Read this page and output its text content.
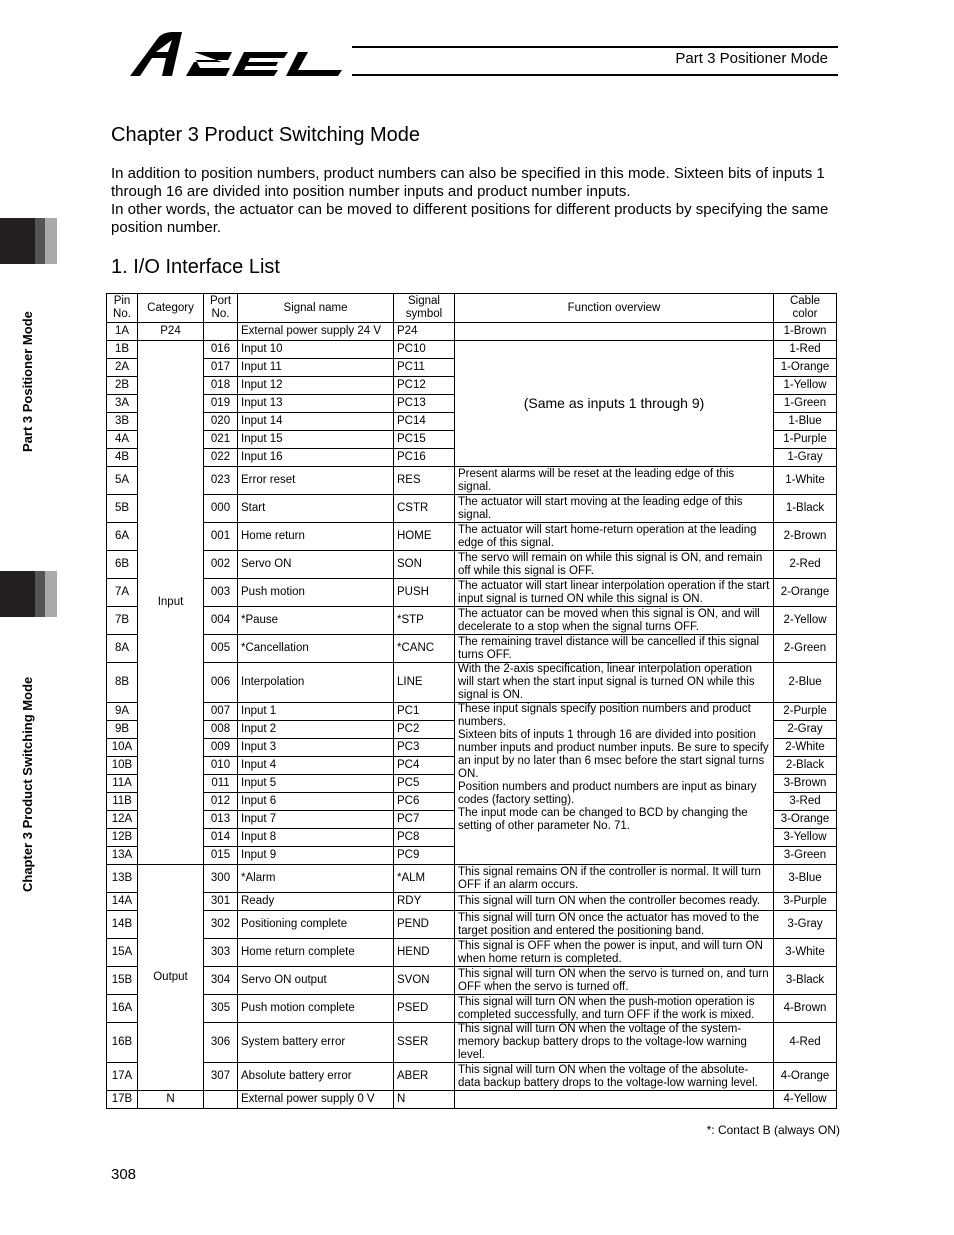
Part 3 Positioner Mode
Part 3 Positioner Mode
Chapter 3 Product Switching Mode
Chapter 3 Product Switching Mode

In addition to position numbers, product numbers can also be specified in this mode. Sixteen bits of inputs 1 through 16 are divided into position number inputs and product number inputs.

In other words, the actuator can be moved to different positions for different products by specifying the same position number.

1. I/O Interface List
Pin No.	Category	Port No.	Signal name	Signal symbol	Function overview	Cable color
1A	P24		External power supply 24 V	P24		1-Brown
1B	Input	016	Input 10	PC10	(Same as inputs 1 through 9)	1-Red
2A		017	Input 11	PC11		1-Orange
2B		018	Input 12	PC12		1-Yellow
3A		019	Input 13	PC13		1-Green
3B		020	Input 14	PC14		1-Blue
4A		021	Input 15	PC15		1-Purple
4B		022	Input 16	PC16		1-Gray
5A		023	Error reset	RES	Present alarms will be reset at the leading edge of this signal.	1-White
5B		000	Start	CSTR	The actuator will start moving at the leading edge of this signal.	1-Black
6A		001	Home return	HOME	The actuator will start home-return operation at the leading edge of this signal.	2-Brown
6B		002	Servo ON	SON	The servo will remain on while this signal is ON, and remain off while this signal is OFF.	2-Red
7A		003	Push motion	PUSH	The actuator will start linear interpolation operation if the start input signal is turned ON while this signal is ON.	2-Orange
7B		004	*Pause	*STP	The actuator can be moved when this signal is ON, and will decelerate to a stop when the signal turns OFF.	2-Yellow
8A		005	*Cancellation	*CANC	The remaining travel distance will be cancelled if this signal turns OFF.	2-Green
8B		006	Interpolation	LINE	With the 2-axis specification, linear interpolation operation will start when the start input signal is turned ON while this signal is ON.	2-Blue
9A		007	Input 1	PC1	These input signals specify position numbers and product numbers.
Sixteen bits of inputs 1 through 16 are divided into position number inputs and product number inputs. Be sure to specify an input by no later than 6 msec before the start signal turns ON.
Position numbers and product numbers are input as binary codes (factory setting).
The input mode can be changed to BCD by changing the setting of other parameter No. 71.	2-Purple
9B		008	Input 2	PC2		2-Gray
10A		009	Input 3	PC3		2-White
10B		010	Input 4	PC4		2-Black
11A		011	Input 5	PC5		3-Brown
11B		012	Input 6	PC6		3-Red
12A		013	Input 7	PC7		3-Orange
12B		014	Input 8	PC8		3-Yellow
13A		015	Input 9	PC9		3-Green
13B	Output	300	*Alarm	*ALM	This signal remains ON if the controller is normal. It will turn OFF if an alarm occurs.	3-Blue
14A		301	Ready	RDY	This signal will turn ON when the controller becomes ready.	3-Purple
14B		302	Positioning complete	PEND	This signal will turn ON once the actuator has moved to the target position and entered the positioning band.	3-Gray
15A		303	Home return complete	HEND	This signal is OFF when the power is input, and will turn ON when home return is completed.	3-White
15B		304	Servo ON output	SVON	This signal will turn ON when the servo is turned on, and turn OFF when the servo is turned off.	3-Black
16A		305	Push motion complete	PSED	This signal will turn ON when the push-motion operation is completed successfully, and turn OFF if the work is mixed.	4-Brown
16B		306	System battery error	SSER	This signal will turn ON when the voltage of the system-memory backup battery drops to the voltage-low warning level.	4-Red
17A		307	Absolute battery error	ABER	This signal will turn ON when the voltage of the absolute-data backup battery drops to the voltage-low warning level.	4-Orange
17B	N		External power supply 0 V	N		4-Yellow
*: Contact B (always ON)
308
